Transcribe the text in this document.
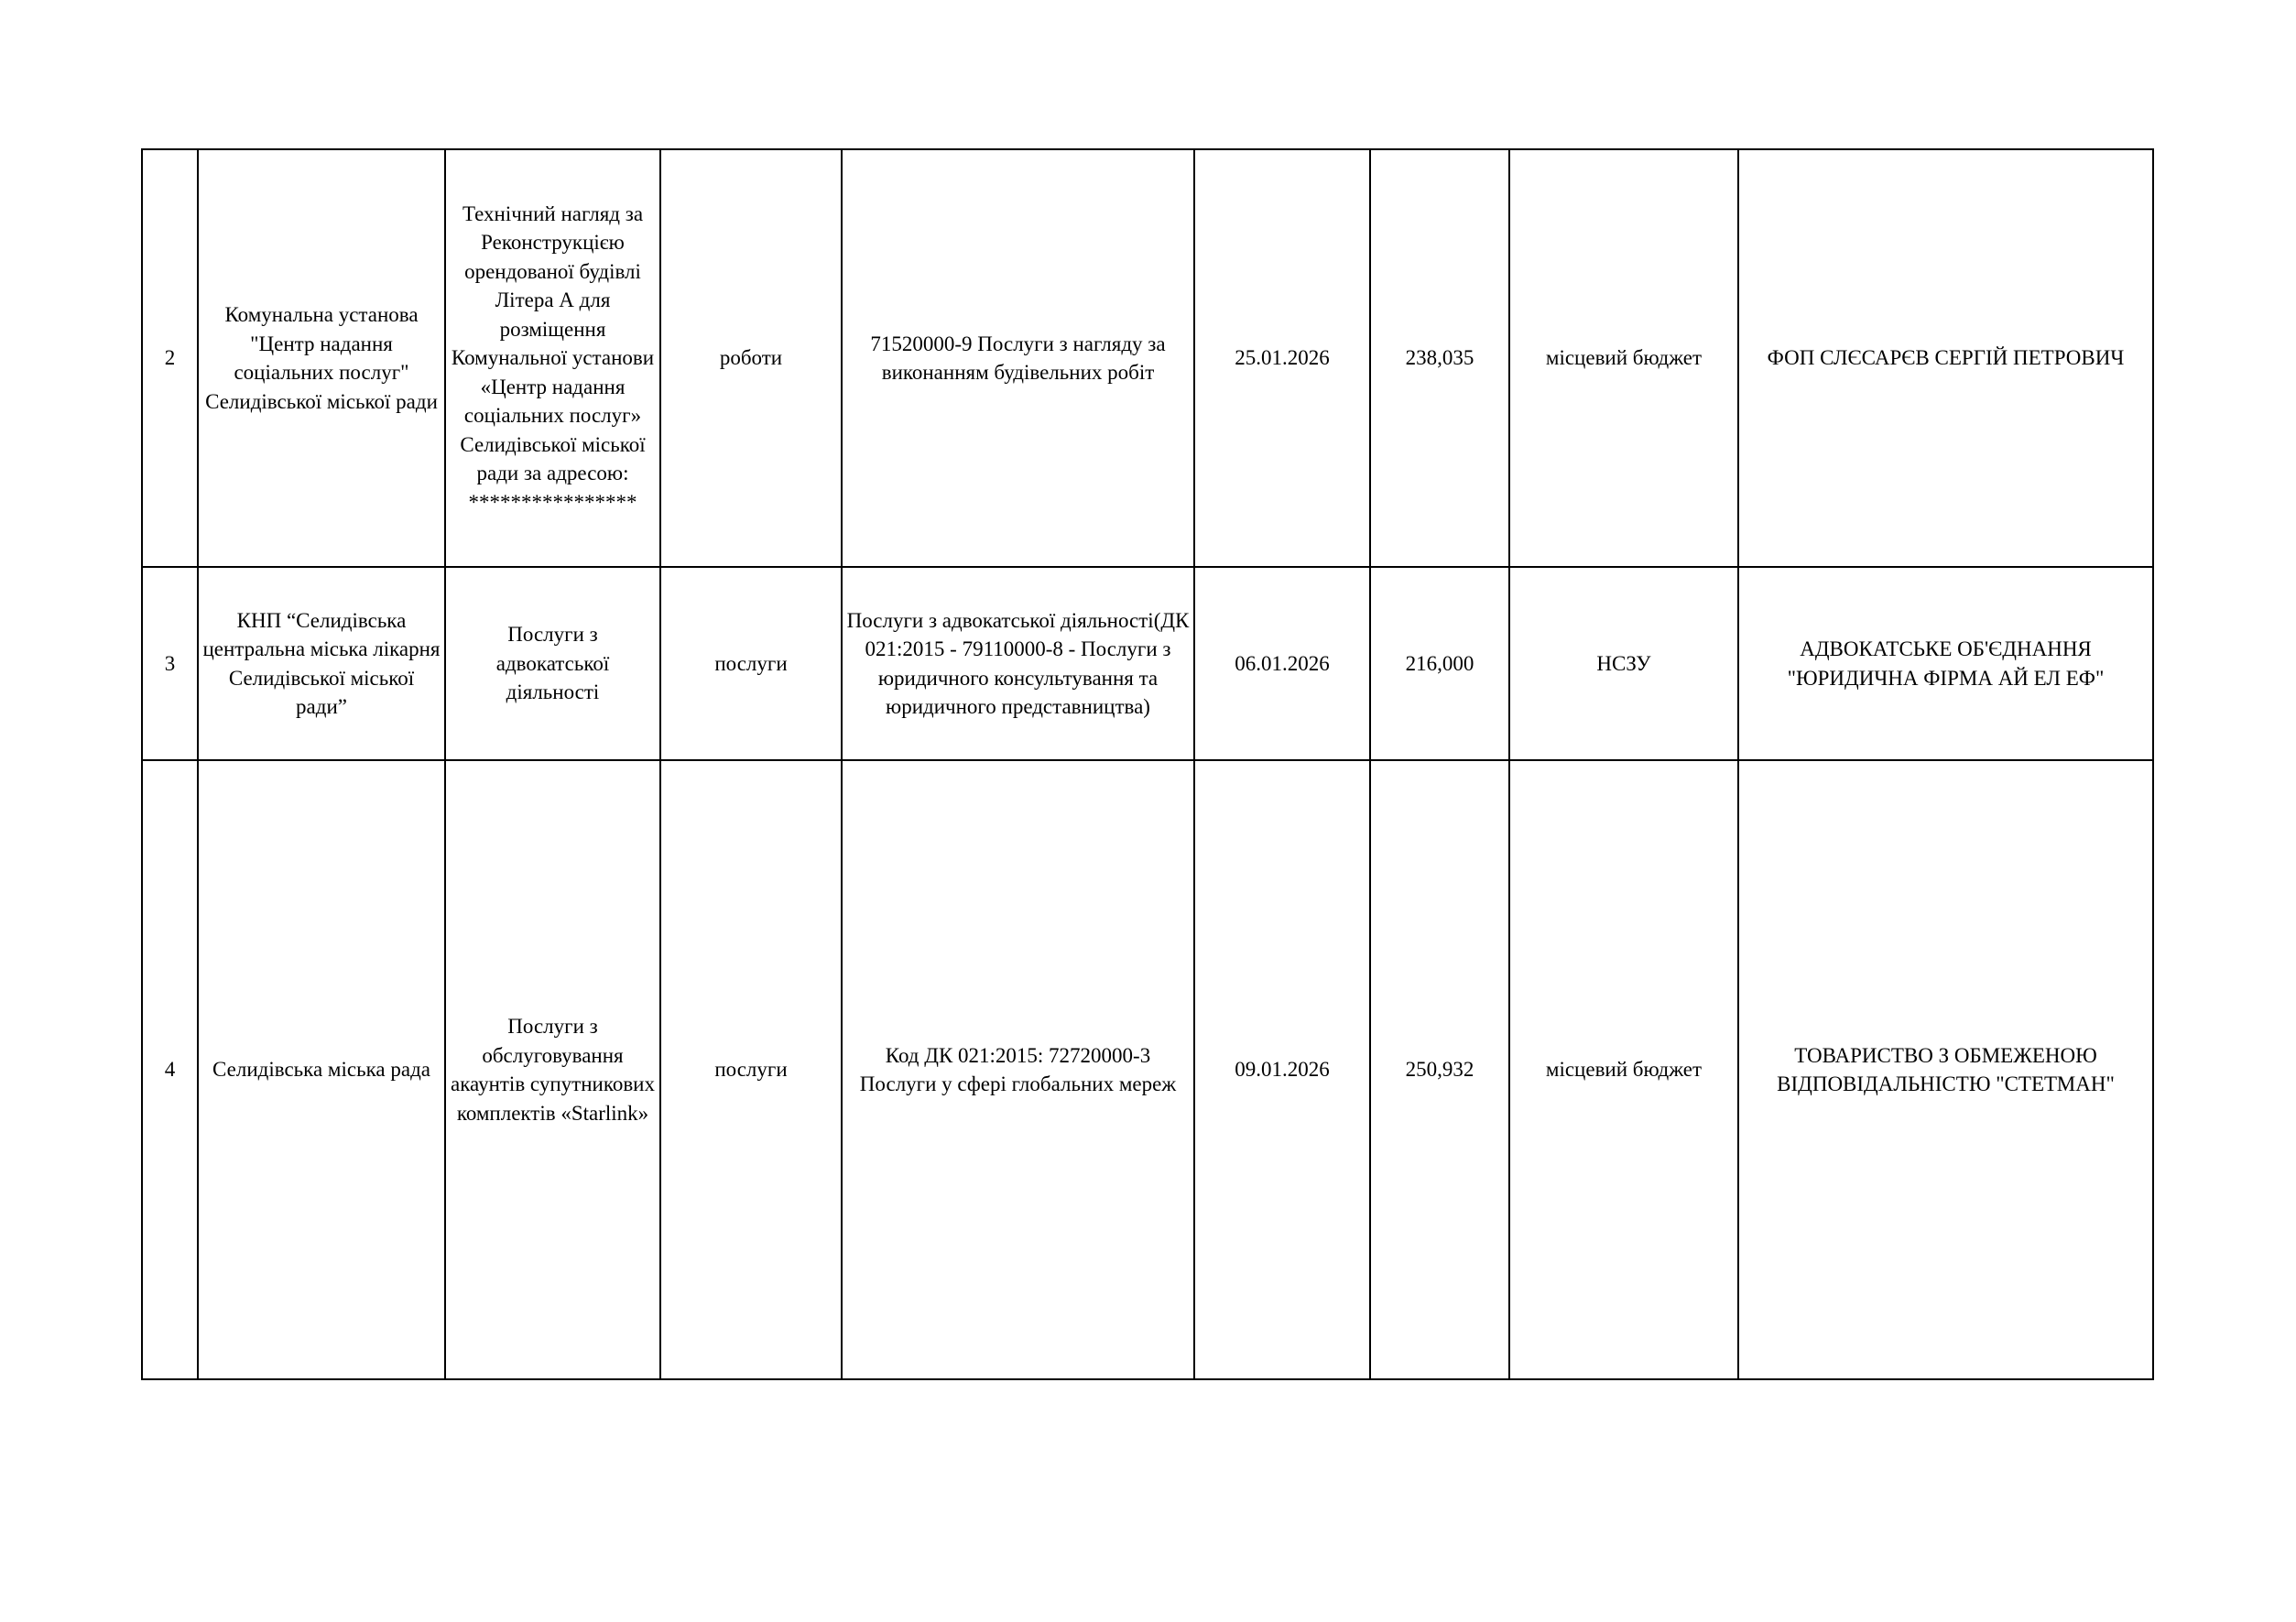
2	Комунальна установа "Центр надання соціальних послуг" Селидівської міської ради	Технічний нагляд за Реконструкцією орендованої будівлі Літера А для розміщення Комунальної установи «Центр надання соціальних послуг» Селидівської міської ради за адресою: ****************	роботи	71520000-9 Послуги з нагляду за виконанням будівельних робіт	25.01.2026	238,035	місцевий бюджет	ФОП СЛЄСАРЄВ СЕРГІЙ ПЕТРОВИЧ
3	КНП “Селидівська центральна міська лікарня Селидівської міської ради”	Послуги з адвокатської діяльності	послуги	Послуги з адвокатської діяльності(ДК 021:2015 - 79110000-8 - Послуги з юридичного консультування та юридичного представництва)	06.01.2026	216,000	НСЗУ	АДВОКАТСЬКЕ ОБ'ЄДНАННЯ "ЮРИДИЧНА ФІРМА АЙ ЕЛ ЕФ"
4	Селидівська міська рада	Послуги з обслуговування акаунтів супутникових комплектів «Starlink»	послуги	Код ДК 021:2015: 72720000-3 Послуги у сфері глобальних мереж	09.01.2026	250,932	місцевий бюджет	ТОВАРИСТВО З ОБМЕЖЕНОЮ ВІДПОВІДАЛЬНІСТЮ "СТЕТМАН"
